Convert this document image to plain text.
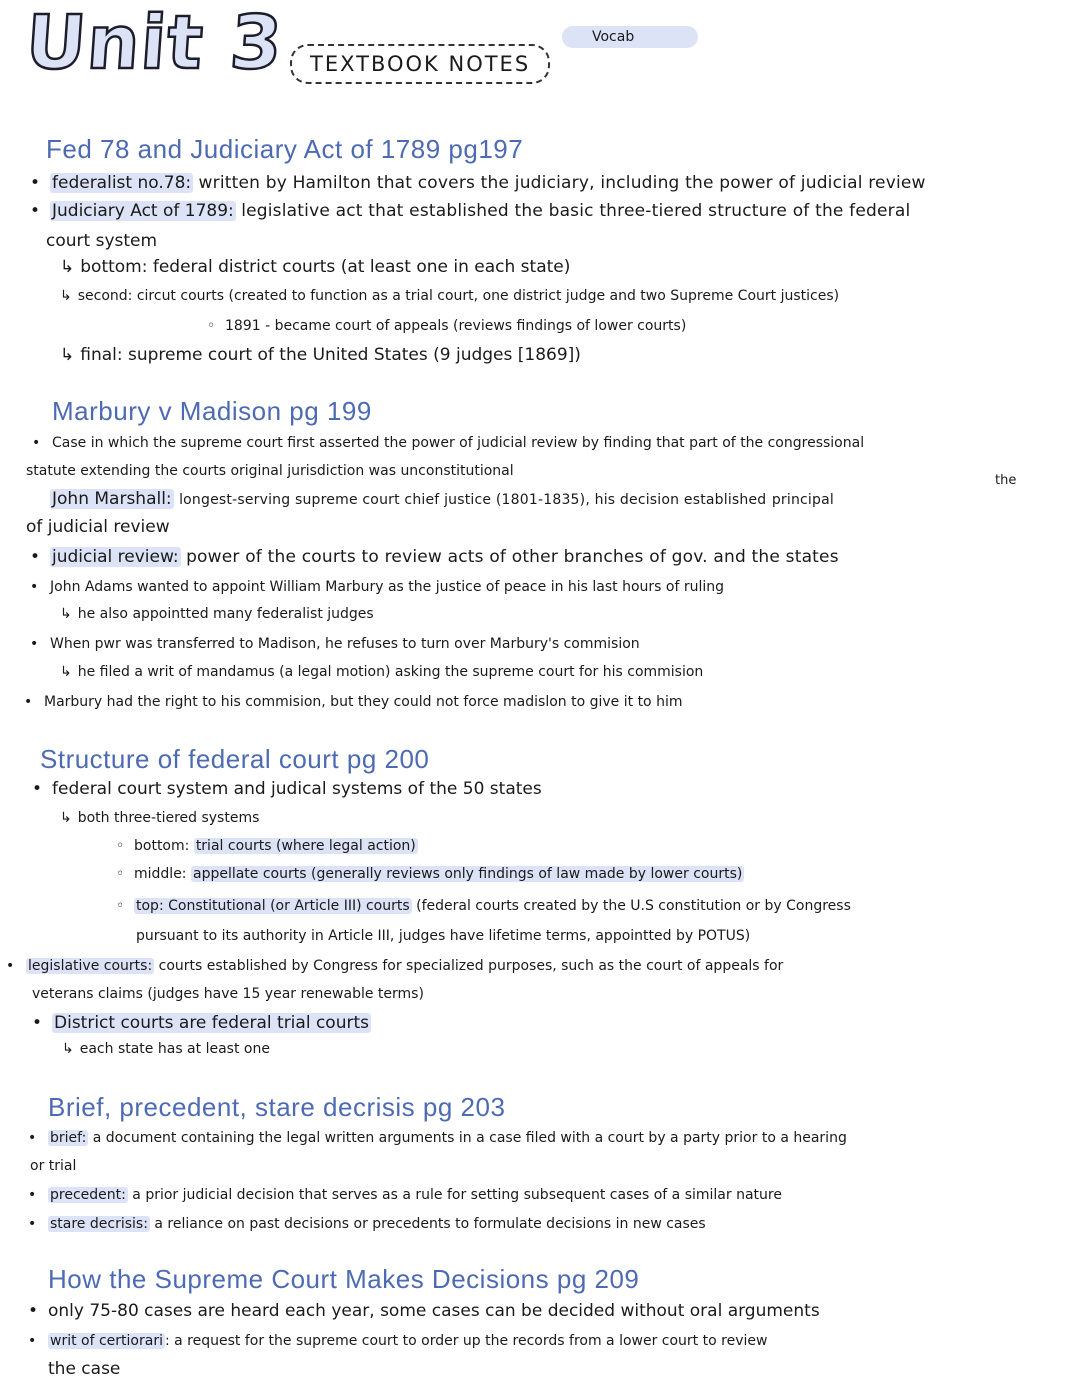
Unit 3	TEXTBOOK NOTES
Vocab
Fed 78 and Judiciary Act of 1789 pg197
• federalist no.78: written by Hamilton that covers the judiciary, including the power of judicial review
• Judiciary Act of 1789: legislative act that established the basic three-tiered structure of the federal
court system
↳ bottom: federal district courts (at least one in each state)
↳ second: circut courts (created to function as a trial court, one district judge and two Supreme Court justices)
◦ 1891 - became court of appeals (reviews findings of lower courts)
↳ final: supreme court of the United States (9 judges [1869])
Marbury v Madison pg 199
• Case in which the supreme court first asserted the power of judicial review by finding that part of the congressional
statute extending the courts original jurisdiction was unconstitutional
the
John Marshall: longest-serving supreme court chief justice (1801-1835), his decision established principal
of judicial review
• judicial review: power of the courts to review acts of other branches of gov. and the states
• John Adams wanted to appoint William Marbury as the justice of peace in his last hours of ruling
↳ he also appointted many federalist judges
• When pwr was transferred to Madison, he refuses to turn over Marbury's commision
↳ he filed a writ of mandamus (a legal motion) asking the supreme court for his commision
• Marbury had the right to his commision, but they could not force madislon to give it to him
Structure of federal court pg 200
• federal court system and judical systems of the 50 states
↳ both three-tiered systems
◦ bottom: trial courts (where legal action)
◦ middle: appellate courts (generally reviews only findings of law made by lower courts)
◦ top: Constitutional (or Article III) courts (federal courts created by the U.S constitution or by Congress
pursuant to its authority in Article III, judges have lifetime terms, appointted by POTUS)
• legislative courts: courts established by Congress for specialized purposes, such as the court of appeals for
veterans claims (judges have 15 year renewable terms)
• District courts are federal trial courts
↳ each state has at least one
Brief, precedent, stare decrisis pg 203
• brief: a document containing the legal written arguments in a case filed with a court by a party prior to a hearing
or trial
• precedent: a prior judicial decision that serves as a rule for setting subsequent cases of a similar nature
• stare decrisis: a reliance on past decisions or precedents to formulate decisions in new cases
How the Supreme Court Makes Decisions pg 209
• only 75-80 cases are heard each year, some cases can be decided without oral arguments
• writ of certiorari : a request for the supreme court to order up the records from a lower court to review
the case
